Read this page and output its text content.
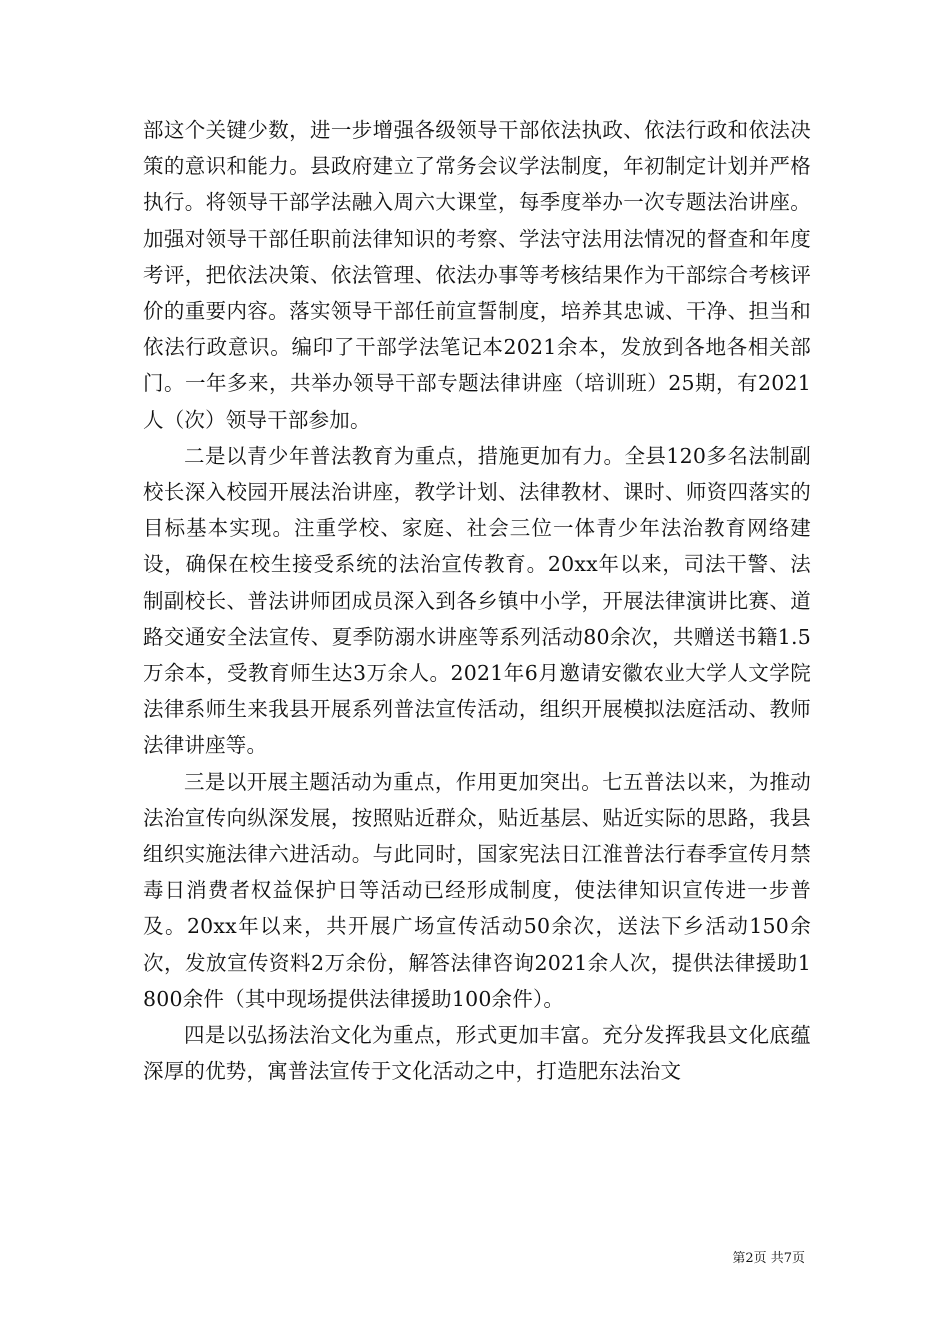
部这个关键少数，进一步增强各级领导干部依法执政、依法行政和依法决策的意识和能力。县政府建立了常务会议学法制度，年初制定计划并严格执行。将领导干部学法融入周六大课堂，每季度举办一次专题法治讲座。加强对领导干部任职前法律知识的考察、学法守法用法情况的督查和年度考评，把依法决策、依法管理、依法办事等考核结果作为干部综合考核评价的重要内容。落实领导干部任前宣誓制度，培养其忠诚、干净、担当和依法行政意识。编印了干部学法笔记本2021余本，发放到各地各相关部门。一年多来，共举办领导干部专题法律讲座（培训班）25期，有2021人（次）领导干部参加。

二是以青少年普法教育为重点，措施更加有力。全县120多名法制副校长深入校园开展法治讲座，教学计划、法律教材、课时、师资四落实的目标基本实现。注重学校、家庭、社会三位一体青少年法治教育网络建设，确保在校生接受系统的法治宣传教育。20xx年以来，司法干警、法制副校长、普法讲师团成员深入到各乡镇中小学，开展法律演讲比赛、道路交通安全法宣传、夏季防溺水讲座等系列活动80余次，共赠送书籍1.5万余本，受教育师生达3万余人。2021年6月邀请安徽农业大学人文学院法律系师生来我县开展系列普法宣传活动，组织开展模拟法庭活动、教师法律讲座等。

三是以开展主题活动为重点，作用更加突出。七五普法以来，为推动法治宣传向纵深发展，按照贴近群众，贴近基层、贴近实际的思路，我县组织实施法律六进活动。与此同时，国家宪法日江淮普法行春季宣传月禁毒日消费者权益保护日等活动已经形成制度，使法律知识宣传进一步普及。20xx年以来，共开展广场宣传活动50余次，送法下乡活动150余次，发放宣传资料2万余份，解答法律咨询2021余人次，提供法律援助1800余件（其中现场提供法律援助100余件）。

四是以弘扬法治文化为重点，形式更加丰富。充分发挥我县文化底蕴深厚的优势，寓普法宣传于文化活动之中，打造肥东法治文

第2页 共7页
